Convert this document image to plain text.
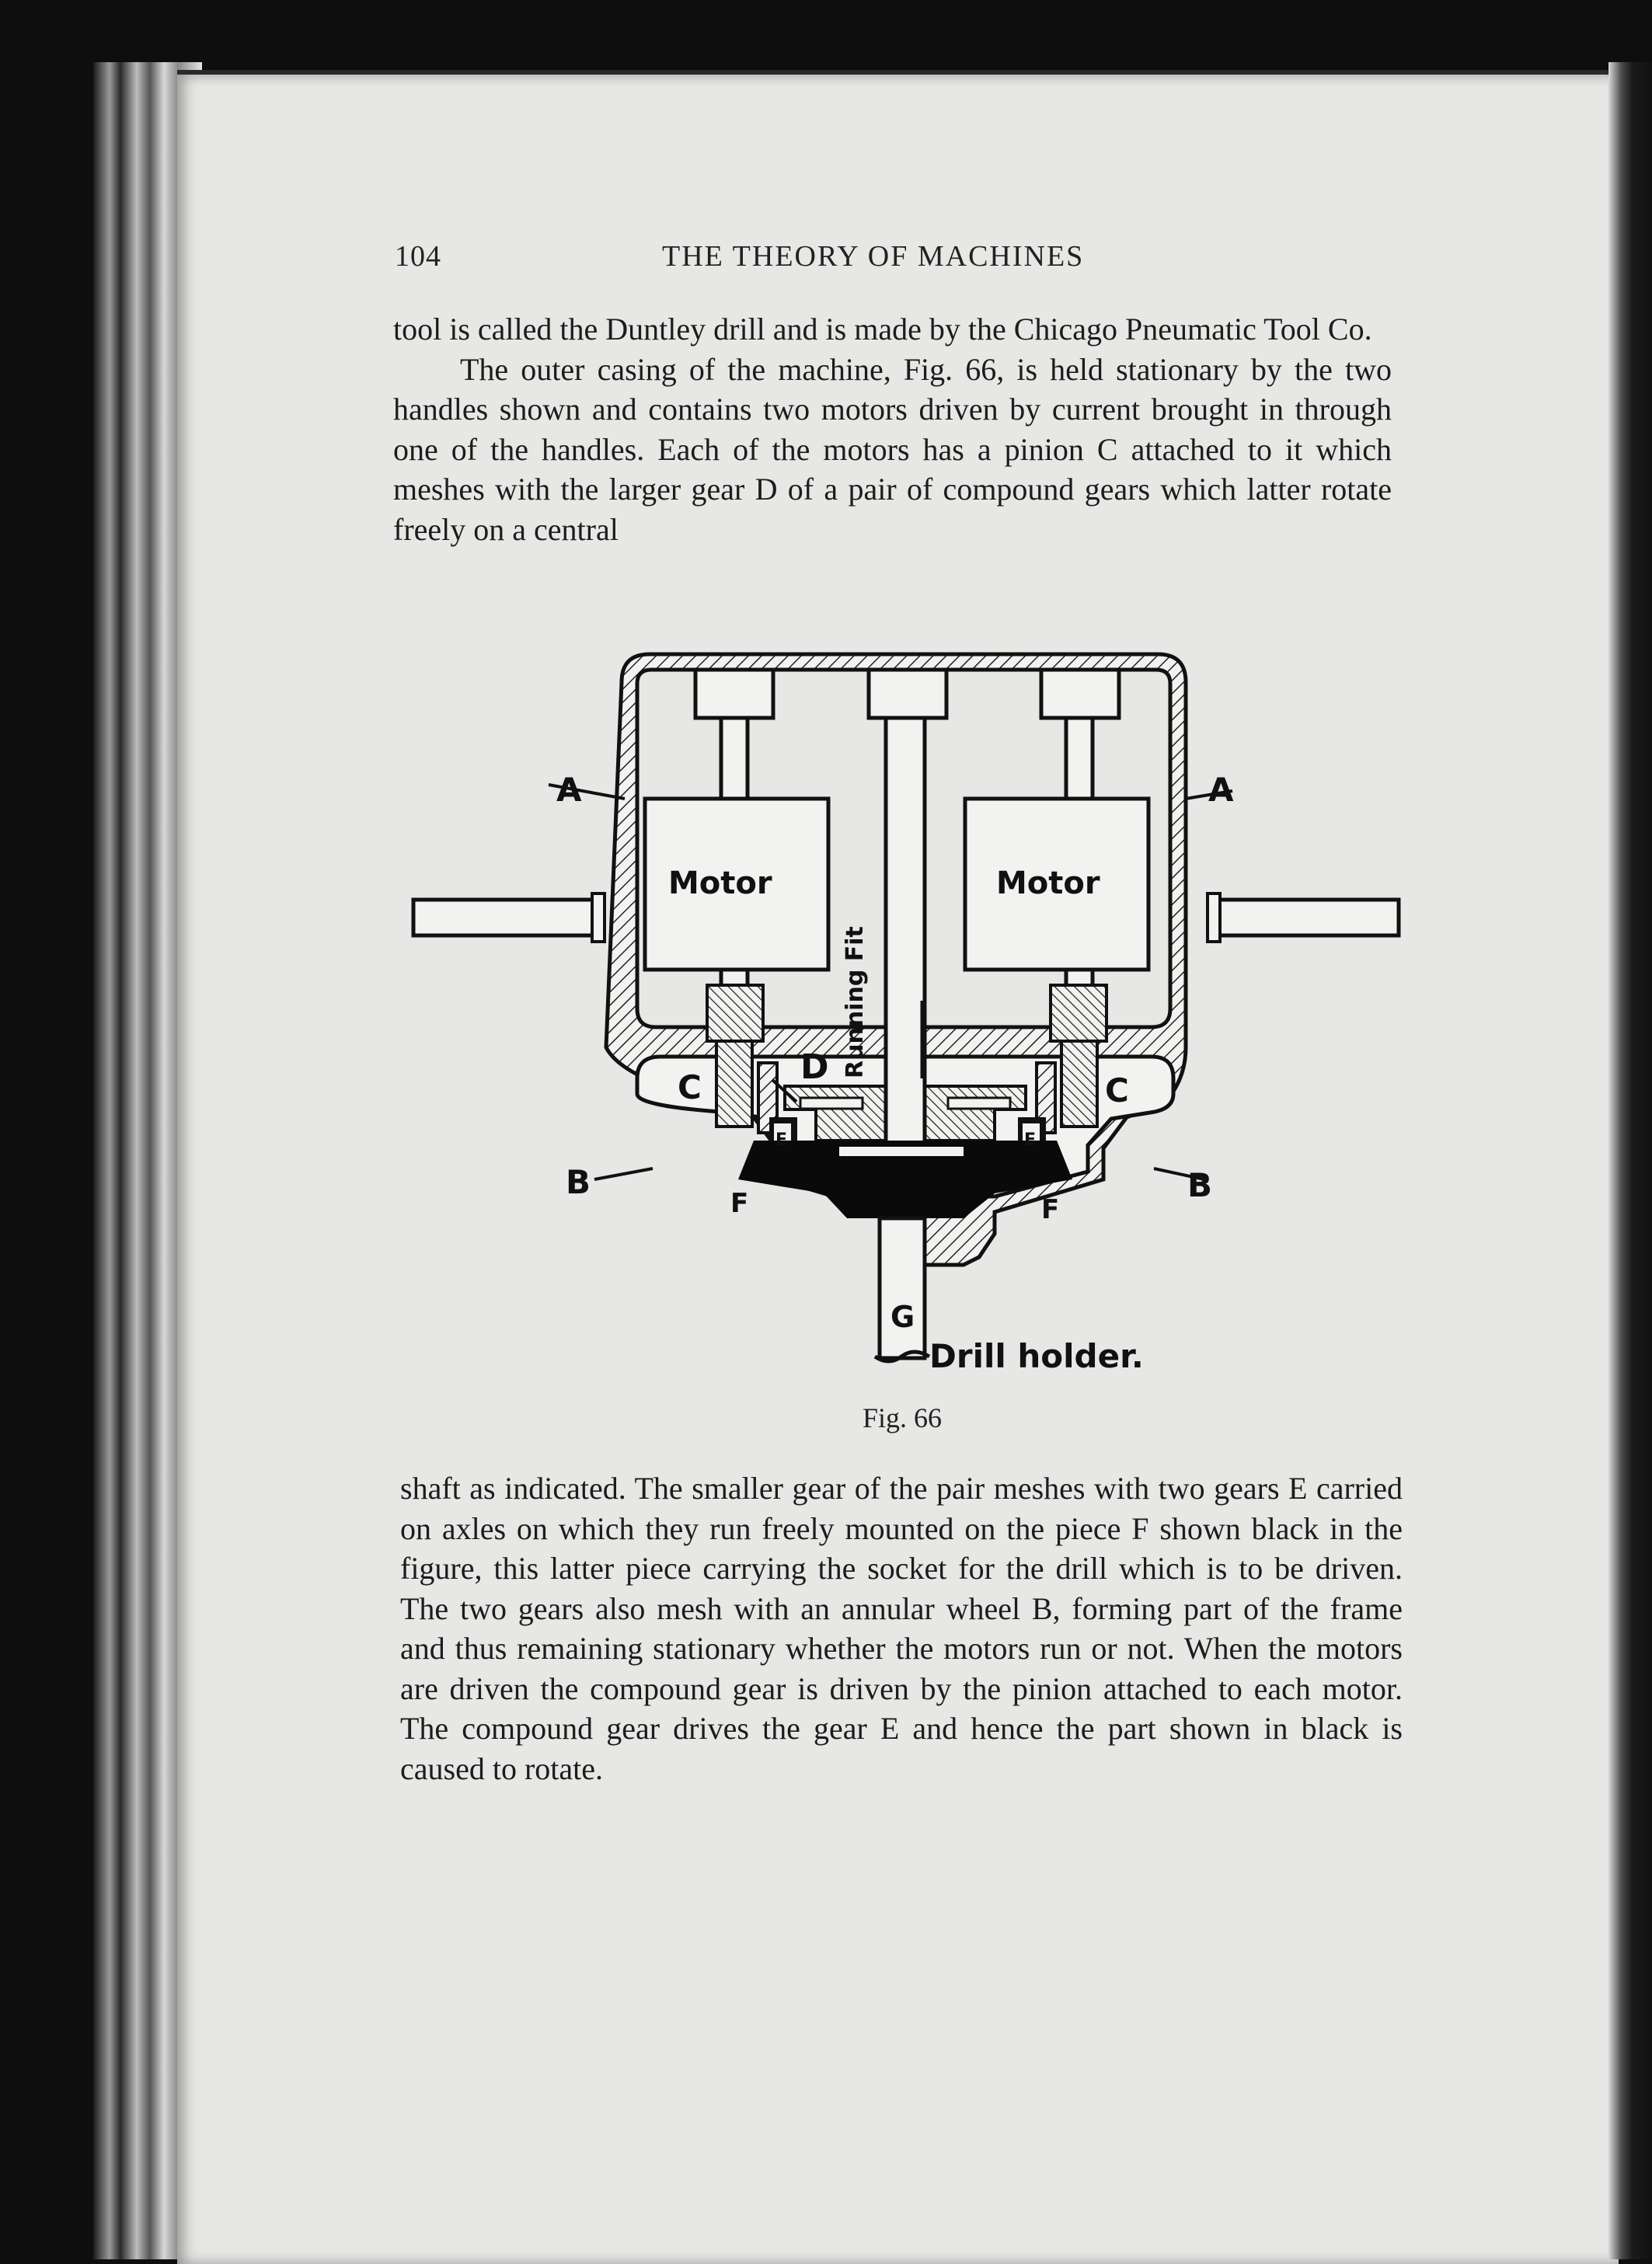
104	THE THEORY OF MACHINES
tool is called the Duntley drill and is made by the Chicago Pneumatic Tool Co.
The outer casing of the machine, Fig. 66, is held stationary by the two handles shown and contains two motors driven by current brought in through one of the handles. Each of the motors has a pinion C attached to it which meshes with the larger gear D of a pair of compound gears which latter rotate freely on a central
Motor	Motor
A	A
B	B
C	C
D
E	E
F	F
G
Running Fit
Drill holder.
Fig. 66

shaft as indicated. The smaller gear of the pair meshes with two gears E carried on axles on which they run freely mounted on the piece F shown black in the figure, this latter piece carrying the socket for the drill which is to be driven. The two gears also mesh with an annular wheel B, forming part of the frame and thus remaining stationary whether the motors run or not. When the motors are driven the compound gear is driven by the pinion attached to each motor. The compound gear drives the gear E and hence the part shown in black is caused to rotate.
